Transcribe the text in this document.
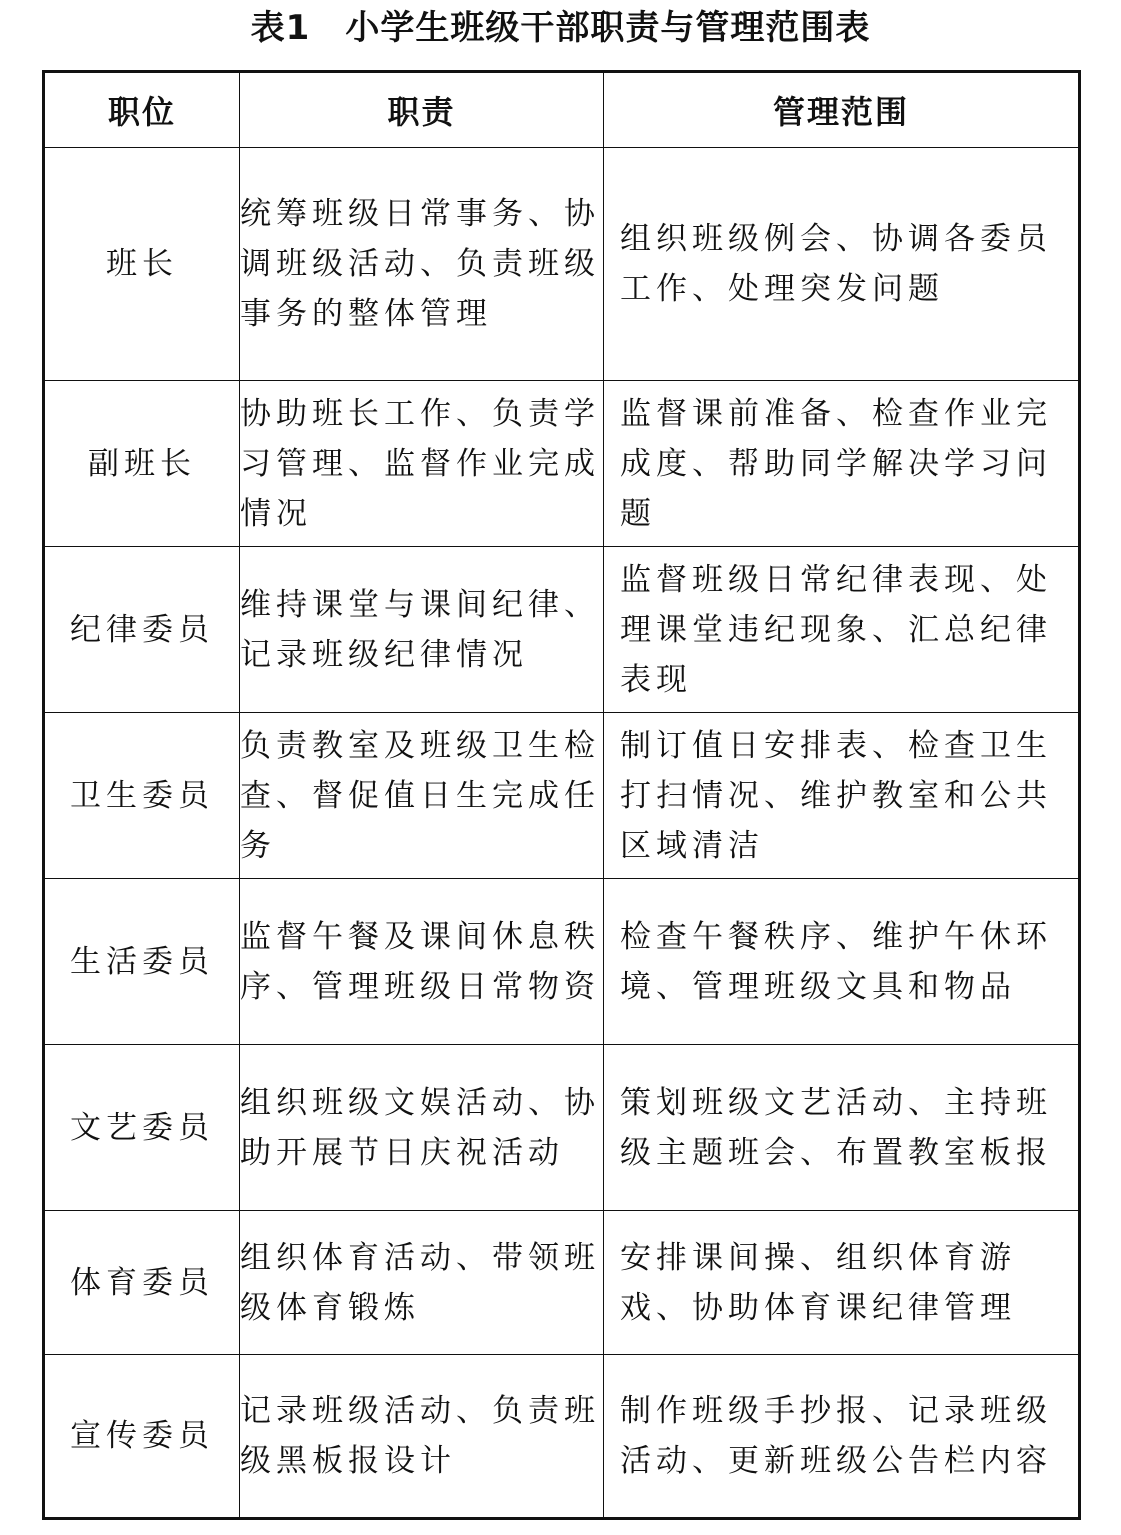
表1　小学生班级干部职责与管理范围表
职位	职责	管理范围
班长	统筹班级日常事务、协调班级活动、负责班级事务的整体管理	组织班级例会、协调各委员工作、处理突发问题
副班长	协助班长工作、负责学习管理、监督作业完成情况	监督课前准备、检查作业完成度、帮助同学解决学习问题
纪律委员	维持课堂与课间纪律、记录班级纪律情况	监督班级日常纪律表现、处理课堂违纪现象、汇总纪律表现
卫生委员	负责教室及班级卫生检查、督促值日生完成任务	制订值日安排表、检查卫生打扫情况、维护教室和公共区域清洁
生活委员	监督午餐及课间休息秩序、管理班级日常物资	检查午餐秩序、维护午休环境、管理班级文具和物品
文艺委员	组织班级文娱活动、协助开展节日庆祝活动	策划班级文艺活动、主持班级主题班会、布置教室板报
体育委员	组织体育活动、带领班级体育锻炼	安排课间操、组织体育游戏、协助体育课纪律管理
宣传委员	记录班级活动、负责班级黑板报设计	制作班级手抄报、记录班级活动、更新班级公告栏内容
